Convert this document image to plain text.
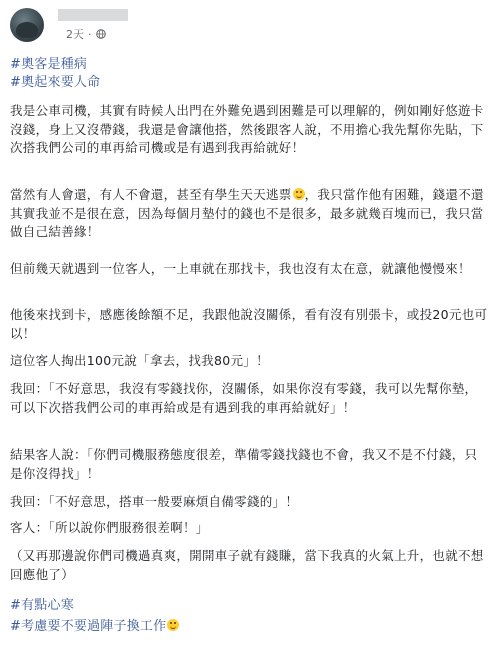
2天 ·
#奧客是種病
#奧起來要人命

我是公車司機，其實有時候人出門在外難免遇到困難是可以理解的，例如剛好悠遊卡沒錢，身上又沒帶錢，我還是會讓他搭，然後跟客人說，不用擔心我先幫你先貼，下次搭我們公司的車再給司機或是有遇到我再給就好！

當然有人會還，有人不會還，甚至有學生天天逃票 ，我只當作他有困難，錢還不還其實我並不是很在意，因為每個月墊付的錢也不是很多，最多就幾百塊而已，我只當做自己結善緣！

但前幾天就遇到一位客人，一上車就在那找卡，我也沒有太在意，就讓他慢慢來！

他後來找到卡，感應後餘額不足，我跟他說沒關係，看有沒有別張卡，或投20元也可以！

這位客人掏出100元說「拿去，找我80元」！

我回：「不好意思，我沒有零錢找你，沒關係，如果你沒有零錢，我可以先幫你墊，可以下次搭我們公司的車再給或是有遇到我的車再給就好」！

結果客人說：「你們司機服務態度很差，準備零錢找錢也不會，我又不是不付錢，只是你沒得找」！

我回：「不好意思，搭車一般要麻煩自備零錢的」！

客人：「所以說你們服務很差啊！」

（又再那邊說你們司機過真爽，開開車子就有錢賺，當下我真的火氣上升，也就不想回應他了）

#有點心寒
#考慮要不要過陣子換工作
